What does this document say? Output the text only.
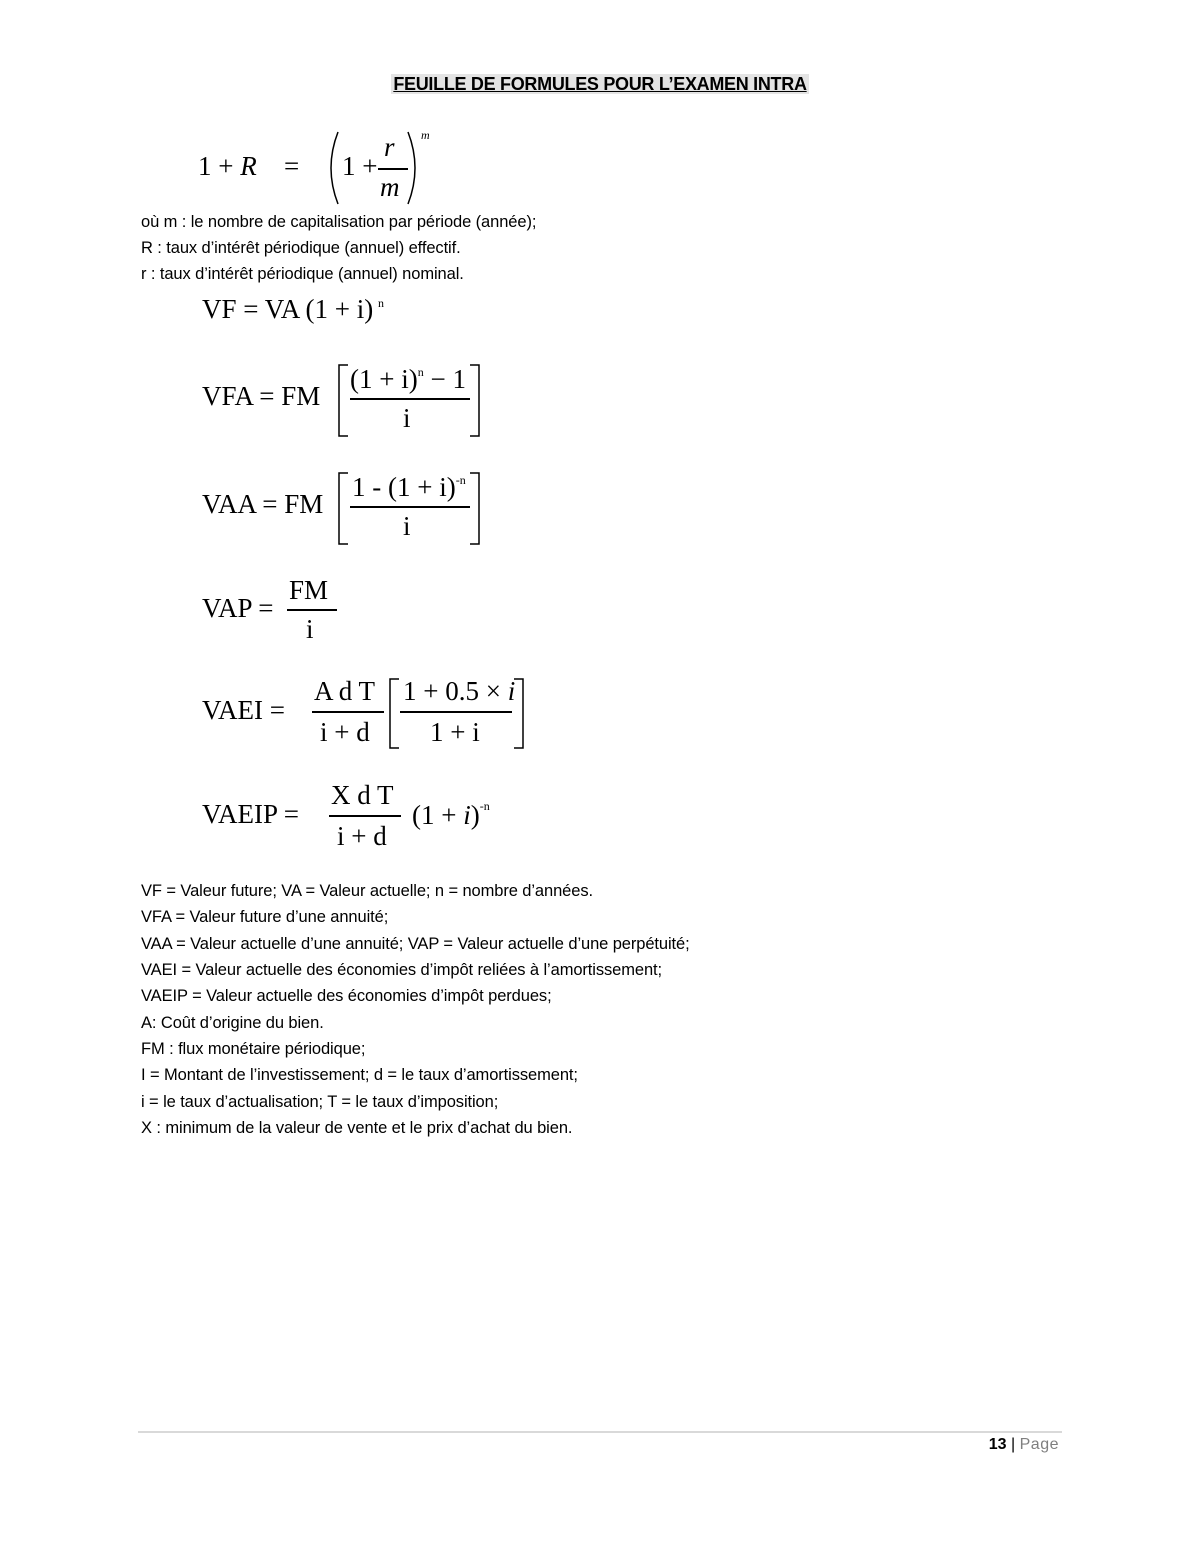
FEUILLE DE FORMULES POUR L’EXAMEN INTRA
1 + R = 1 +
r
m
m
où m : le nombre de capitalisation par période (année);
R : taux d’intérêt périodique (annuel) effectif.
r : taux d’intérêt périodique (annuel) nominal.
VF = VA (1 + i) n
VFA = FM
$(1 + i)^n - 1$
i
VAA = FM
$1 - (1 + i)^{-n}$
i
VAP =
FM
i
VAEI =
A d T
i + d
1 + 0.5 × i
1 + i
VAEIP =
X d T
i + d
$(1 + i)^{-n}$
VF = Valeur future; VA = Valeur actuelle; n = nombre d’années.
VFA = Valeur future d’une annuité;
VAA = Valeur actuelle d’une annuité; VAP = Valeur actuelle d’une perpétuité;
VAEI = Valeur actuelle des économies d’impôt reliées à l’amortissement;
VAEIP = Valeur actuelle des économies d’impôt perdues;
A: Coût d’origine du bien.
FM : flux monétaire périodique;
I = Montant de l’investissement; d = le taux d’amortissement;
i = le taux d’actualisation; T = le taux d’imposition;
X : minimum de la valeur de vente et le prix d’achat du bien.
13 | Page
